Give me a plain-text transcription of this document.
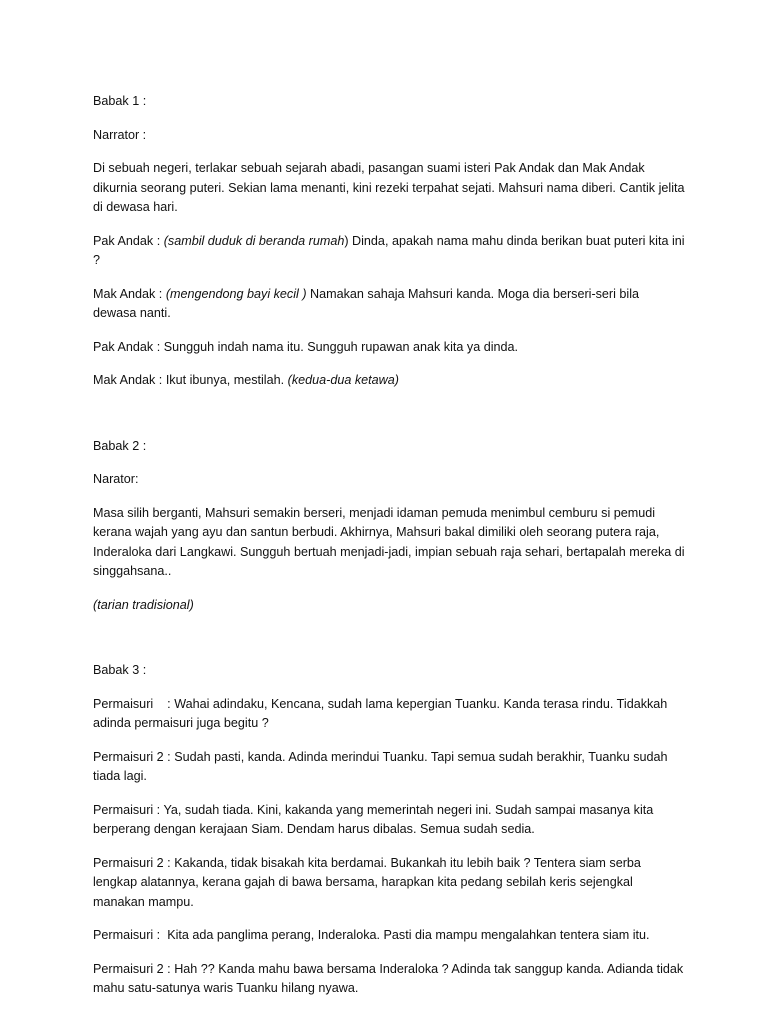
Babak 1 :

Narrator :

Di sebuah negeri, terlakar sebuah sejarah abadi, pasangan suami isteri Pak Andak dan Mak Andak dikurnia seorang puteri. Sekian lama menanti, kini rezeki terpahat sejati. Mahsuri nama diberi. Cantik jelita di dewasa hari.

Pak Andak : (sambil duduk di beranda rumah) Dinda, apakah nama mahu dinda berikan buat puteri kita ini ?

Mak Andak : (mengendong bayi kecil ) Namakan sahaja Mahsuri kanda. Moga dia berseri-seri bila dewasa nanti.

Pak Andak : Sungguh indah nama itu. Sungguh rupawan anak kita ya dinda.

Mak Andak : Ikut ibunya, mestilah. (kedua-dua ketawa)

Babak 2 :

Narator:

Masa silih berganti, Mahsuri semakin berseri, menjadi idaman pemuda menimbul cemburu si pemudi kerana wajah yang ayu dan santun berbudi. Akhirnya, Mahsuri bakal dimiliki oleh seorang putera raja, Inderaloka dari Langkawi. Sungguh bertuah menjadi-jadi, impian sebuah raja sehari, bertapalah mereka di singgahsana..

(tarian tradisional)

Babak 3 :

Permaisuri    : Wahai adindaku, Kencana, sudah lama kepergian Tuanku. Kanda terasa rindu. Tidakkah adinda permaisuri juga begitu ?

Permaisuri 2 : Sudah pasti, kanda. Adinda merindui Tuanku. Tapi semua sudah berakhir, Tuanku sudah tiada lagi.

Permaisuri : Ya, sudah tiada. Kini, kakanda yang memerintah negeri ini. Sudah sampai masanya kita berperang dengan kerajaan Siam. Dendam harus dibalas. Semua sudah sedia.

Permaisuri 2 : Kakanda, tidak bisakah kita berdamai. Bukankah itu lebih baik ? Tentera siam serba lengkap alatannya, kerana gajah di bawa bersama, harapkan kita pedang sebilah keris sejengkal manakan mampu.

Permaisuri :  Kita ada panglima perang, Inderaloka. Pasti dia mampu mengalahkan tentera siam itu.

Permaisuri 2 : Hah ?? Kanda mahu bawa bersama Inderaloka ? Adinda tak sanggup kanda. Adianda tidak mahu satu-satunya waris Tuanku hilang nyawa.
